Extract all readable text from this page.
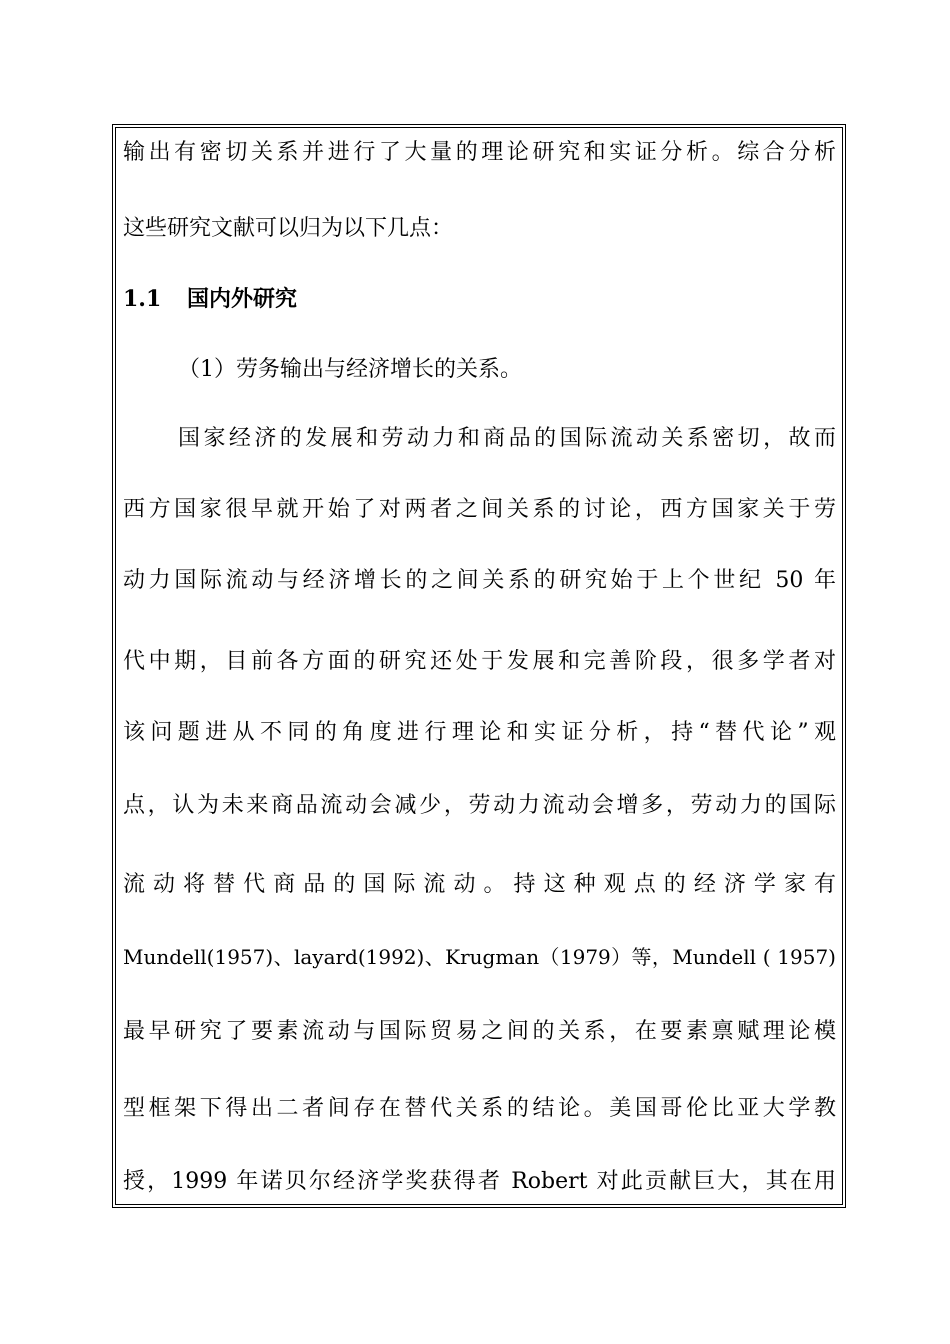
输出有密切关系并进行了大量的理论研究和实证分析。综合分析
这些研究文献可以归为以下几点：
1.1 国内外研究
（1）劳务输出与经济增长的关系。
国家经济的发展和劳动力和商品的国际流动关系密切，故而
西方国家很早就开始了对两者之间关系的讨论，西方国家关于劳
动力国际流动与经济增长的之间关系的研究始于上个世纪 50 年
代中期，目前各方面的研究还处于发展和完善阶段，很多学者对
该问题进从不同的角度进行理论和实证分析，持“替代论”观
点，认为未来商品流动会减少，劳动力流动会增多，劳动力的国际
流动将替代商品的国际流动。持这种观点的经济学家有
Mundell(1957)、layard(1992)、Krugman（1979）等，Mundell ( 1957)
最早研究了要素流动与国际贸易之间的关系，在要素禀赋理论模
型框架下得出二者间存在替代关系的结论。美国哥伦比亚大学教
授，1999 年诺贝尔经济学奖获得者 Robert 对此贡献巨大，其在用
